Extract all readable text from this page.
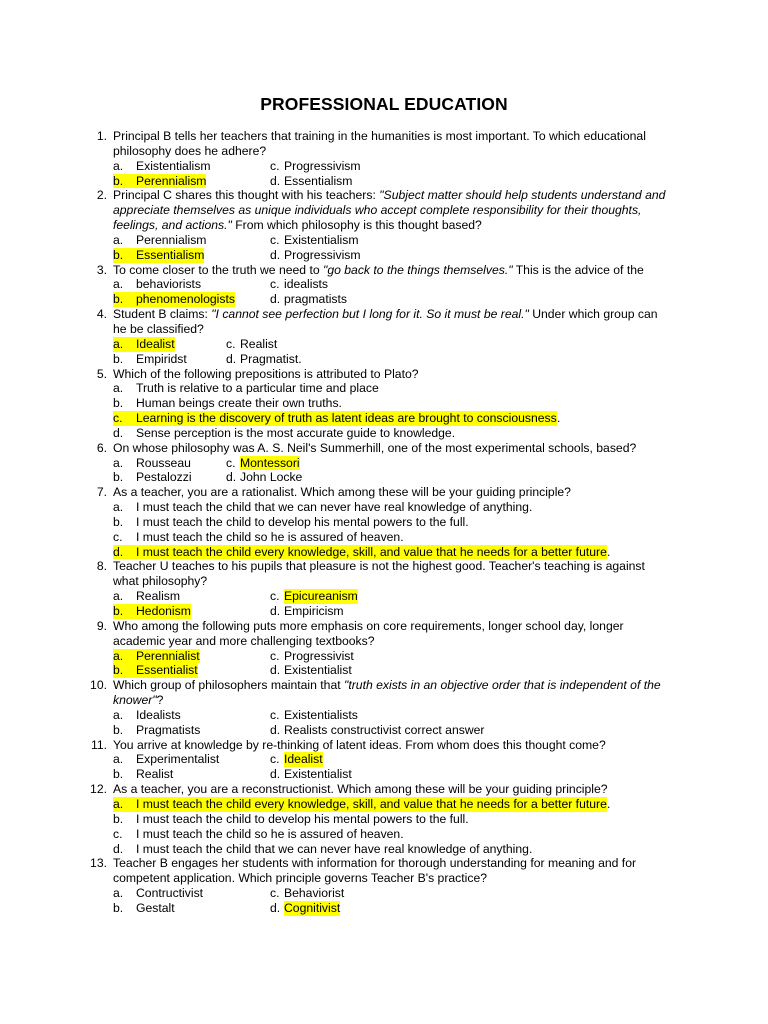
PROFESSIONAL EDUCATION
1. Principal B tells her teachers that training in the humanities is most important. To which educational philosophy does he adhere?
a. Existentialism	c. Progressivism
b. Perennialism	d. Essentialism
2. Principal C shares this thought with his teachers: "Subject matter should help students understand and appreciate themselves as unique individuals who accept complete responsibility for their thoughts, feelings, and actions." From which philosophy is this thought based?
a. Perennialism	c. Existentialism
b. Essentialism	d. Progressivism
3. To come closer to the truth we need to "go back to the things themselves." This is the advice of the
a. behaviorists	c. idealists
b. phenomenologists	d. pragmatists
4. Student B claims: "I cannot see perfection but I long for it. So it must be real." Under which group can he be classified?
a. Idealist	c. Realist
b. Empiridst	d. Pragmatist.
5. Which of the following prepositions is attributed to Plato?
a. Truth is relative to a particular time and place
b. Human beings create their own truths.
c. Learning is the discovery of truth as latent ideas are brought to consciousness .
d. Sense perception is the most accurate guide to knowledge.
6. On whose philosophy was A. S. Neil's Summerhill, one of the most experimental schools, based?
a. Rousseau	c. Montessori
b. Pestalozzi	d. John Locke
7. As a teacher, you are a rationalist. Which among these will be your guiding principle?
a. I must teach the child that we can never have real knowledge of anything.
b. I must teach the child to develop his mental powers to the full.
c. I must teach the child so he is assured of heaven.
d. I must teach the child every knowledge, skill, and value that he needs for a better future .
8. Teacher U teaches to his pupils that pleasure is not the highest good. Teacher's teaching is against what philosophy?
a. Realism	c. Epicureanism
b. Hedonism	d. Empiricism
9. Who among the following puts more emphasis on core requirements, longer school day, longer academic year and more challenging textbooks?
a. Perennialist	c. Progressivist
b. Essentialist	d. Existentialist
10. Which group of philosophers maintain that "truth exists in an objective order that is independent of the knower"?
a. Idealists	c. Existentialists
b. Pragmatists	d. Realists constructivist correct answer
11. You arrive at knowledge by re-thinking of latent ideas. From whom does this thought come?
a. Experimentalist	c. Idealist
b. Realist	d. Existentialist
12. As a teacher, you are a reconstructionist. Which among these will be your guiding principle?
a. I must teach the child every knowledge, skill, and value that he needs for a better future .
b. I must teach the child to develop his mental powers to the full.
c. I must teach the child so he is assured of heaven.
d. I must teach the child that we can never have real knowledge of anything.
13. Teacher B engages her students with information for thorough understanding for meaning and for competent application. Which principle governs Teacher B's practice?
a. Contructivist	c. Behaviorist
b. Gestalt	d. Cognitivist
